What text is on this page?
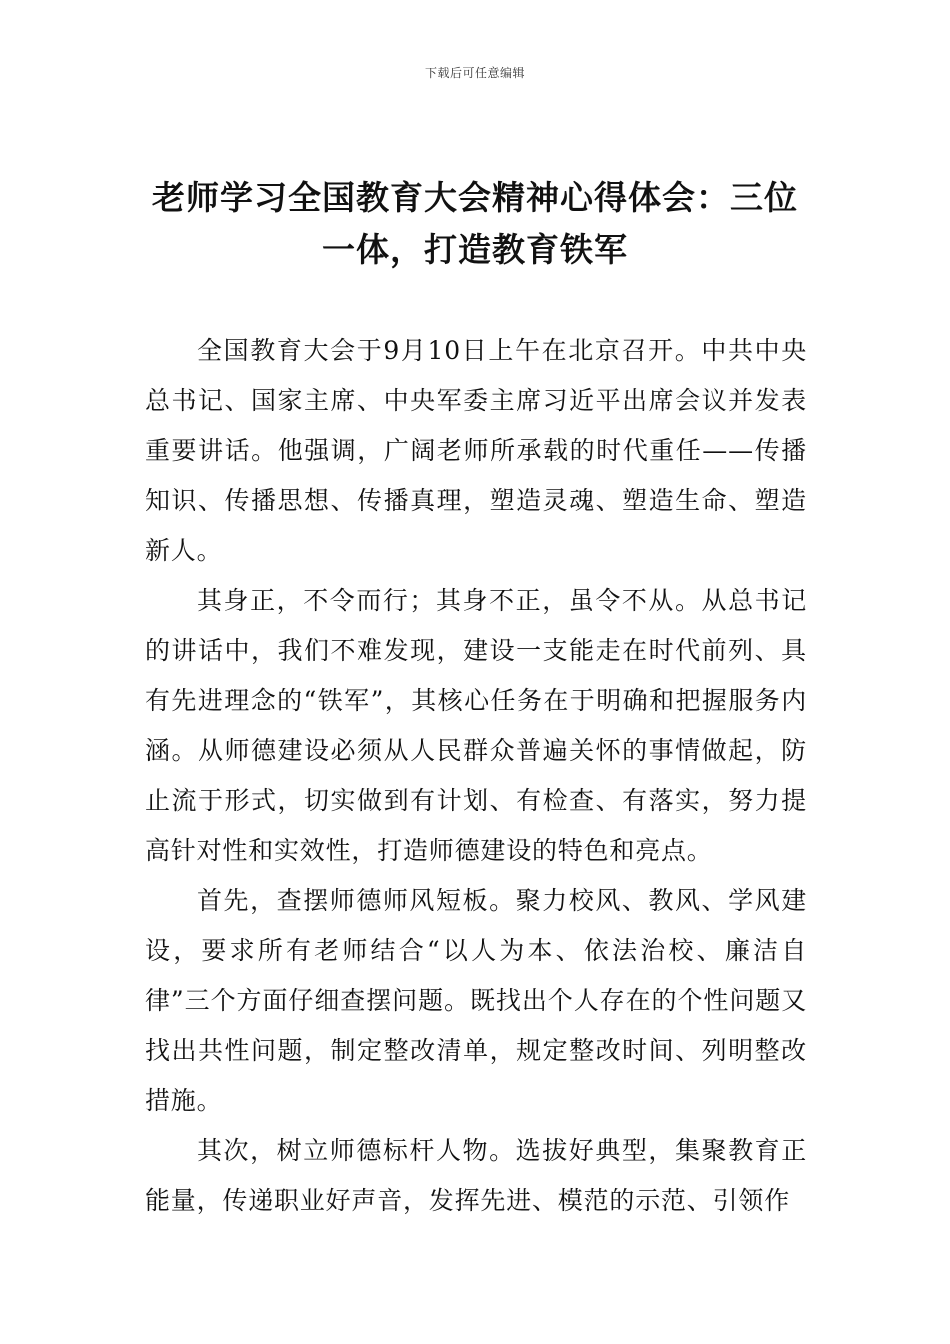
下载后可任意编辑
老师学习全国教育大会精神心得体会：三位一体，打造教育铁军

全国教育大会于9月10日上午在北京召开。中共中央总书记、国家主席、中央军委主席习近平出席会议并发表重要讲话。他强调，广阔老师所承载的时代重任——传播知识、传播思想、传播真理，塑造灵魂、塑造生命、塑造新人。

其身正，不令而行；其身不正，虽令不从。从总书记的讲话中，我们不难发现，建设一支能走在时代前列、具有先进理念的“铁军”，其核心任务在于明确和把握服务内涵。从师德建设必须从人民群众普遍关怀的事情做起，防止流于形式，切实做到有计划、有检查、有落实，努力提高针对性和实效性，打造师德建设的特色和亮点。

首先，查摆师德师风短板。聚力校风、教风、学风建设，要求所有老师结合“以人为本、依法治校、廉洁自律”三个方面仔细查摆问题。既找出个人存在的个性问题又找出共性问题，制定整改清单，规定整改时间、列明整改措施。

其次，树立师德标杆人物。选拔好典型，集聚教育正能量，传递职业好声音，发挥先进、模范的示范、引领作
